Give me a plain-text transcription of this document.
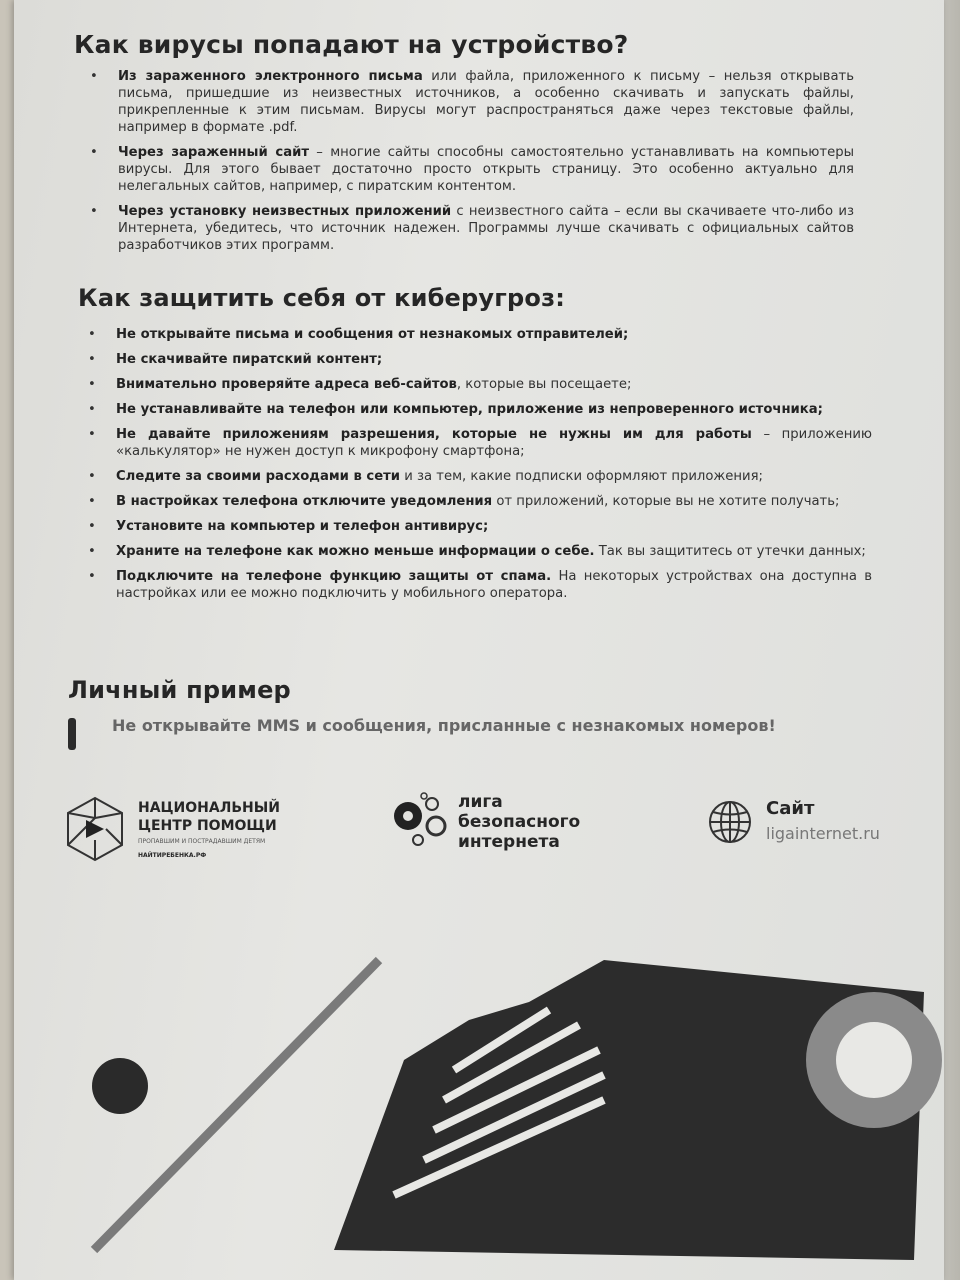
Как вирусы попадают на устройство?
• Из зараженного электронного письма или файла, приложенного к письму – нельзя открывать письма, пришедшие из неизвестных источников, а особенно скачивать и запускать файлы, прикрепленные к этим письмам. Вирусы могут распространяться даже через текстовые файлы, например в формате .pdf.
• Через зараженный сайт – многие сайты способны самостоятельно устанавливать на компьютеры вирусы. Для этого бывает достаточно просто открыть страницу. Это особенно актуально для нелегальных сайтов, например, с пиратским контентом.
• Через установку неизвестных приложений с неизвестного сайта – если вы скачиваете что-либо из Интернета, убедитесь, что источник надежен. Программы лучше скачивать с официальных сайтов разработчиков этих программ.
Как защитить себя от киберугроз:
• Не открывайте письма и сообщения от незнакомых отправителей;
• Не скачивайте пиратский контент;
• Внимательно проверяйте адреса веб-сайтов, которые вы посещаете;
• Не устанавливайте на телефон или компьютер, приложение из непроверенного источника;
• Не давайте приложениям разрешения, которые не нужны им для работы – приложению «калькулятор» не нужен доступ к микрофону смартфона;
• Следите за своими расходами в сети и за тем, какие подписки оформляют приложения;
• В настройках телефона отключите уведомления от приложений, которые вы не хотите получать;
• Установите на компьютер и телефон антивирус;
• Храните на телефоне как можно меньше информации о себе. Так вы защититесь от утечки данных;
• Подключите на телефоне функцию защиты от спама. На некоторых устройствах она доступна в настройках или ее можно подключить у мобильного оператора.
Личный пример
Не открывайте MMS и сообщения, присланные с незнакомых номеров!
НАЦИОНАЛЬНЫЙ
ЦЕНТР ПОМОЩИ
ПРОПАВШИМ И ПОСТРАДАВШИМ ДЕТЯМ
НАЙТИРЕБЕНКА.РФ
лига
безопасного
интернета
Сайт
ligainternet.ru
